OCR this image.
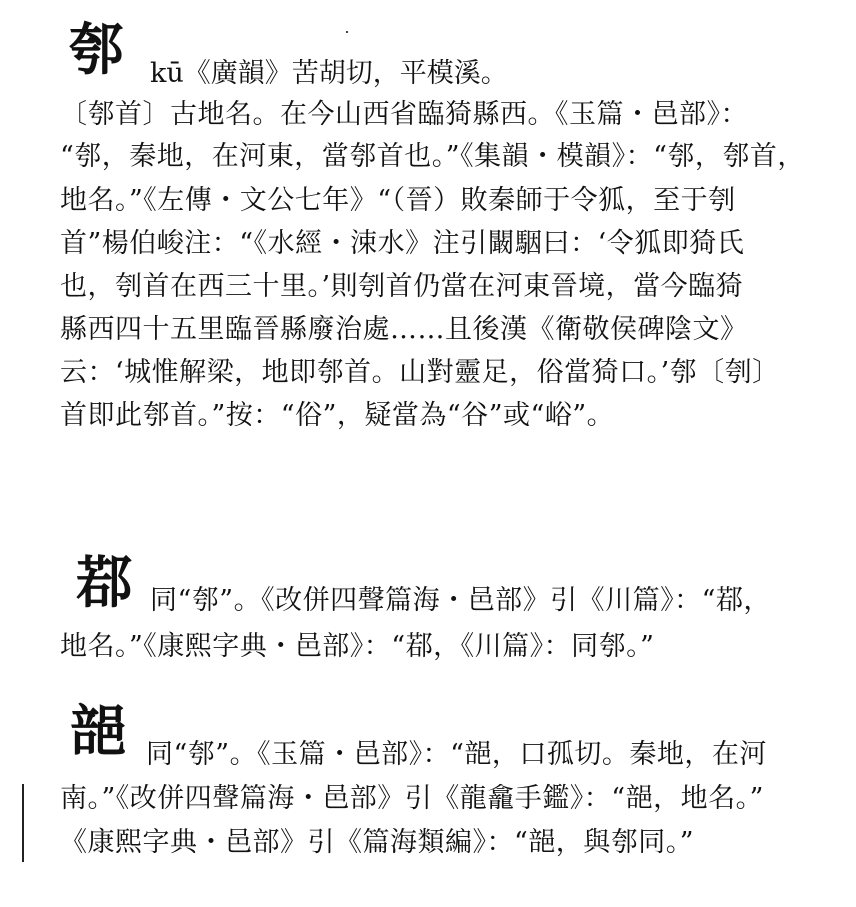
郀 kū《廣韻》苦胡切，平模溪。
〔郀首〕古地名。在今山西省臨猗縣西。《玉篇・邑部》：
“郀，秦地，在河東，當郀首也。”《集韻・模韻》：“郀，郀首，
地名。”《左傳・文公七年》“（晉）敗秦師于令狐，至于刳
首”楊伯峻注：“《水經・涑水》注引闞駰曰：‘令狐即猗氏
也，刳首在西三十里。’則刳首仍當在河東晉境，當今臨猗
縣西四十五里臨晉縣廢治處……且後漢《衛敬侯碑陰文》
云：‘城惟解梁，地即郀首。山對靈足，俗當猗口。’郀〔刳〕
首即此郀首。”按：“俗”，疑當為“谷”或“峪”。
鄀 同“郀”。《改併四聲篇海・邑部》引《川篇》：“鄀，
地名。”《康熙字典・邑部》：“鄀，《川篇》：同郀。”
郶 同“郀”。《玉篇・邑部》：“郶，口孤切。秦地，在河
南。”《改併四聲篇海・邑部》引《龍龕手鑑》：“郶，地名。”
《康熙字典・邑部》引《篇海類編》：“郶，與郀同。”
